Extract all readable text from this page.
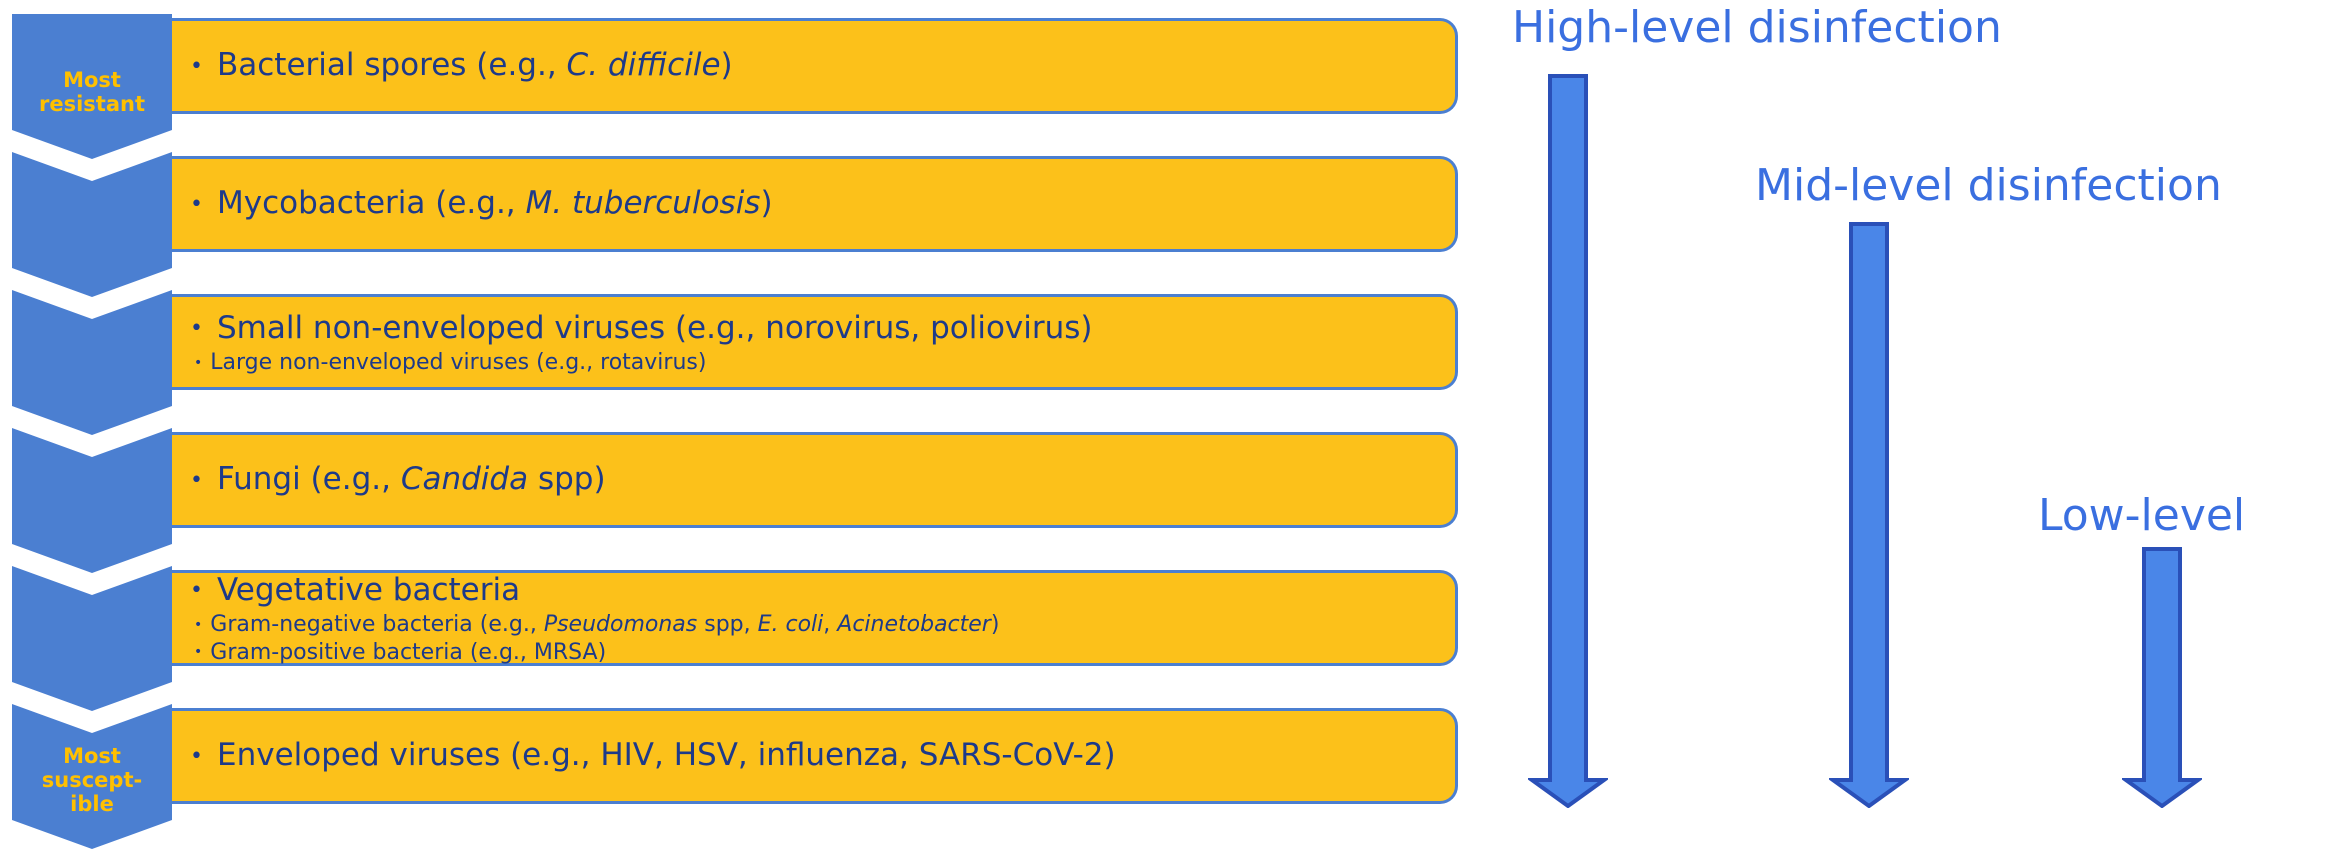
Most
resistant
Most
suscept-
ible
• Bacterial spores (e.g., C. difficile)
• Mycobacteria (e.g., M. tuberculosis)
• Small non-enveloped viruses (e.g., norovirus, poliovirus)
• Large non-enveloped viruses (e.g., rotavirus)
• Fungi (e.g., Candida spp)
• Vegetative bacteria
• Gram-negative bacteria (e.g., Pseudomonas spp, E. coli, Acinetobacter)
• Gram-positive bacteria (e.g., MRSA)
• Enveloped viruses (e.g., HIV, HSV, influenza, SARS-CoV-2)
High-level disinfection
Mid-level disinfection
Low-level
